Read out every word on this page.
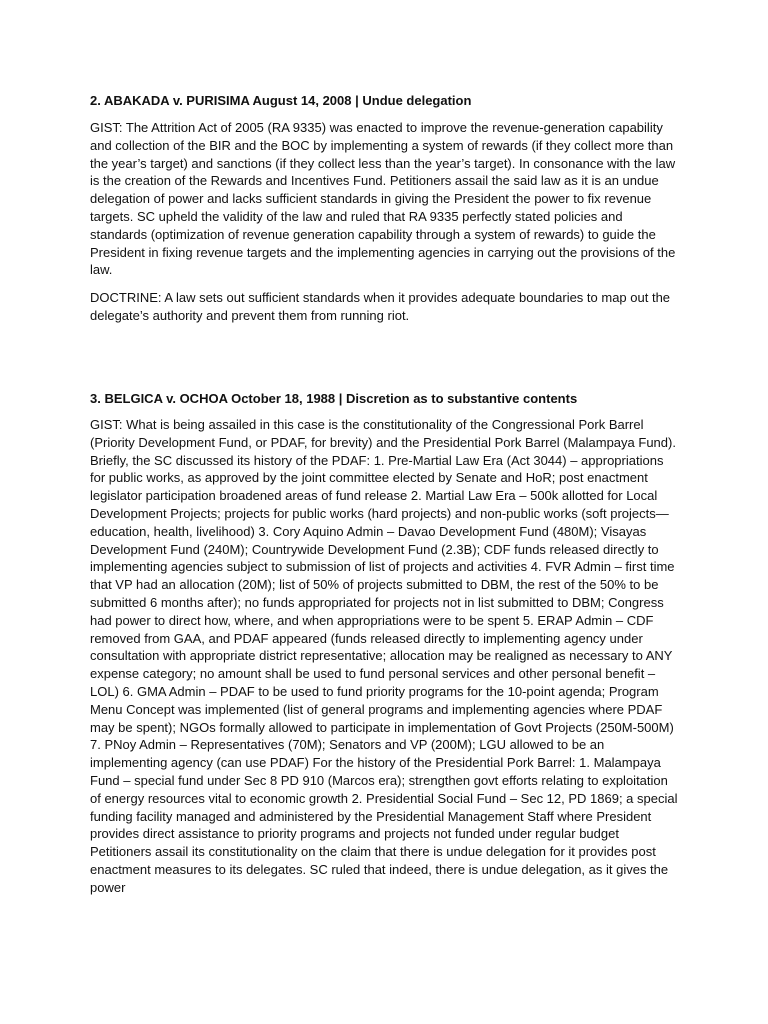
2. ABAKADA v. PURISIMA August 14, 2008 | Undue delegation

GIST: The Attrition Act of 2005 (RA 9335) was enacted to improve the revenue-generation capability and collection of the BIR and the BOC by implementing a system of rewards (if they collect more than the year’s target) and sanctions (if they collect less than the year’s target). In consonance with the law is the creation of the Rewards and Incentives Fund. Petitioners assail the said law as it is an undue delegation of power and lacks sufficient standards in giving the President the power to fix revenue targets. SC upheld the validity of the law and ruled that RA 9335 perfectly stated policies and standards (optimization of revenue generation capability through a system of rewards) to guide the President in fixing revenue targets and the implementing agencies in carrying out the provisions of the law.

DOCTRINE: A law sets out sufficient standards when it provides adequate boundaries to map out the delegate’s authority and prevent them from running riot.

3. BELGICA v. OCHOA October 18, 1988 | Discretion as to substantive contents

GIST: What is being assailed in this case is the constitutionality of the Congressional Pork Barrel (Priority Development Fund, or PDAF, for brevity) and the Presidential Pork Barrel (Malampaya Fund). Briefly, the SC discussed its history of the PDAF: 1. Pre-Martial Law Era (Act 3044) – appropriations for public works, as approved by the joint committee elected by Senate and HoR; post enactment legislator participation broadened areas of fund release 2. Martial Law Era – 500k allotted for Local Development Projects; projects for public works (hard projects) and non-public works (soft projects—education, health, livelihood) 3. Cory Aquino Admin – Davao Development Fund (480M); Visayas Development Fund (240M); Countrywide Development Fund (2.3B); CDF funds released directly to implementing agencies subject to submission of list of projects and activities 4. FVR Admin – first time that VP had an allocation (20M); list of 50% of projects submitted to DBM, the rest of the 50% to be submitted 6 months after); no funds appropriated for projects not in list submitted to DBM; Congress had power to direct how, where, and when appropriations were to be spent 5. ERAP Admin – CDF removed from GAA, and PDAF appeared (funds released directly to implementing agency under consultation with appropriate district representative; allocation may be realigned as necessary to ANY expense category; no amount shall be used to fund personal services and other personal benefit – LOL) 6. GMA Admin – PDAF to be used to fund priority programs for the 10-point agenda; Program Menu Concept was implemented (list of general programs and implementing agencies where PDAF may be spent); NGOs formally allowed to participate in implementation of Govt Projects (250M-500M) 7. PNoy Admin – Representatives (70M); Senators and VP (200M); LGU allowed to be an implementing agency (can use PDAF) For the history of the Presidential Pork Barrel: 1. Malampaya Fund – special fund under Sec 8 PD 910 (Marcos era); strengthen govt efforts relating to exploitation of energy resources vital to economic growth 2. Presidential Social Fund – Sec 12, PD 1869; a special funding facility managed and administered by the Presidential Management Staff where President provides direct assistance to priority programs and projects not funded under regular budget Petitioners assail its constitutionality on the claim that there is undue delegation for it provides post enactment measures to its delegates. SC ruled that indeed, there is undue delegation, as it gives the power
